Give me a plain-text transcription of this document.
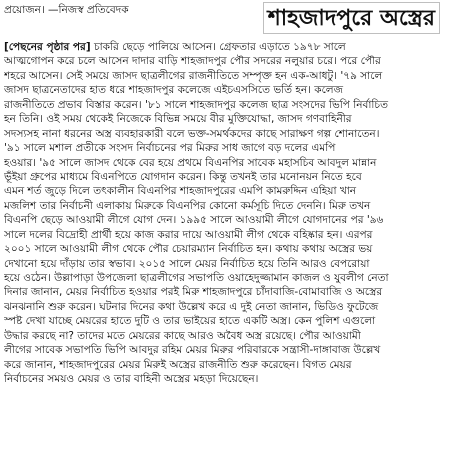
প্রয়োজন। —নিজস্ব প্রতিবেদক	শাহজাদপুরে অস্ত্রের
[পেছনের পৃষ্ঠার পর] চাকরি ছেড়ে পালিয়ে আসেন। গ্রেফতার এড়াতে ১৯৭৮ সালে
আত্মগোপন করে চলে আসেন দাদার বাড়ি শাহজাদপুর পৌর সদরের নলুয়ার চরে। পরে পৌর
শহরে আসেন। সেই সময়ে জাসদ ছাত্রলীগের রাজনীতিতে সম্পৃক্ত হন এক-আধটু। '৭৯ সালে
জাসদ ছাত্রনেতাদের হাত ধরে শাহজাদপুর কলেজে এইচএসসিতে ভর্তি হন। কলেজ
রাজনীতিতে প্রভাব বিস্তার করেন। '৮১ সালে শাহজাদপুর কলেজ ছাত্র সংসদের ভিপি নির্বাচিত
হন তিনি। ওই সময় থেকেই নিজেকে বিভিন্ন সময়ে বীর মুক্তিযোদ্ধা, জাসদ গণবাহিনীর
সদস্যসহ নানা ধরনের অস্ত্র ব্যবহারকারী বলে ভক্ত-সমর্থকদের কাছে সারাক্ষণ গল্প শোনাতেন।
'৯১ সালে মশাল প্রতীকে সংসদ নির্বাচনের পর মিরুর সাধ জাগে বড় দলের এমপি
হওয়ার। '৯৫ সালে জাসদ থেকে বের হয়ে প্রথমে বিএনপির সাবেক মহাসচিব আবদুল মান্নান
ভূঁইয়া গ্রুপের মাধ্যমে বিএনপিতে যোগদান করেন। কিন্তু তখনই তার মনোনয়ন নিতে হবে
এমন শর্ত জুড়ে দিলে তৎকালীন বিএনপির শাহজাদপুরের এমপি কামরুদ্দিন এহিয়া খান
মজলিশ তার নির্বাচনী এলাকায় মিরুকে বিএনপির কোনো কর্মসূচি দিতে দেননি। মিরু তখন
বিএনপি ছেড়ে আওয়ামী লীগে যোগ দেন। ১৯৯৫ সালে আওয়ামী লীগে যোগদানের পর '৯৬
সালে দলের বিদ্রোহী প্রার্থী হয়ে কাজ করার দায়ে আওয়ামী লীগ থেকে বহিষ্কার হন। এরপর
২০০১ সালে আওয়ামী লীগ থেকে পৌর চেয়ারম্যান নির্বাচিত হন। কথায় কথায় অস্ত্রের ভয়
দেখানো হয়ে দাঁড়ায় তার স্বভাব। ২০১৫ সালে মেয়র নির্বাচিত হয়ে তিনি আরও বেপরোয়া
হয়ে ওঠেন। উল্লাপাড়া উপজেলা ছাত্রলীগের সভাপতি ওয়াহেদুজ্জামান কাজল ও যুবলীগ নেতা
দিনার জানান, মেয়র নির্বাচিত হওয়ার পরই মিরু শাহজাদপুরে চাঁদাবাজি-বোমাবাজি ও অস্ত্রের
ঝনঝনানি শুরু করেন। ঘটনার দিনের কথা উল্লেখ করে এ দুই নেতা জানান, ভিডিও ফুটেজে
স্পষ্ট দেখা যাচ্ছে মেয়রের হাতে দুটি ও তার ভাইয়ের হাতে একটি অস্ত্র। কেন পুলিশ এগুলো
উদ্ধার করছে না? তাদের মতে মেয়রের কাছে আরও অবৈধ অস্ত্র রয়েছে। পৌর আওয়ামী
লীগের সাবেক সভাপতি ভিপি আবদুর রহিম মেয়র মিরুর পরিবারকে সন্ত্রাসী-দাঙ্গাবাজ উল্লেখ
করে জানান, শাহজাদপুরের মেয়র মিরুই অস্ত্রের রাজনীতি শুরু করেছেন। বিগত মেয়র
নির্বাচনের সময়ও মেয়র ও তার বাহিনী অস্ত্রের মহড়া দিয়েছেন।
